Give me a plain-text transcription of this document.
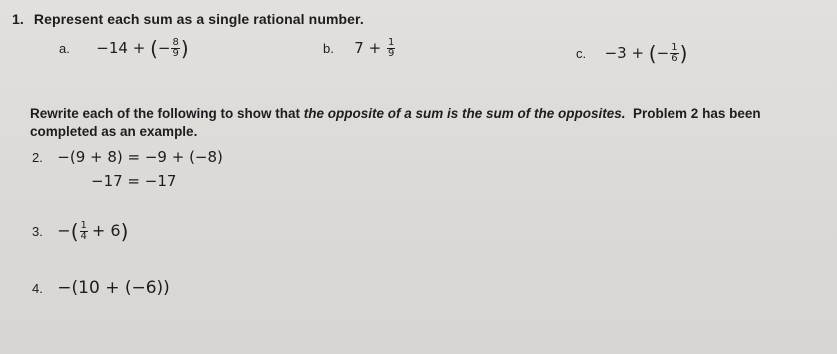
1. Represent each sum as a single rational number.
a. −14 + (− $\frac{8}{9}$ )	b. $7 + \frac{1}{9}$	c. −3 + (− $\frac{1}{6}$ )
Rewrite each of the following to show that the opposite of a sum is the sum of the opposites.  Problem 2 has been
completed as an example.
2. −(9 + 8) = −9 + (−8)
−17 = −17
3. −( $\frac{1}{4} + 6$)
4. −(10 + (−6))
